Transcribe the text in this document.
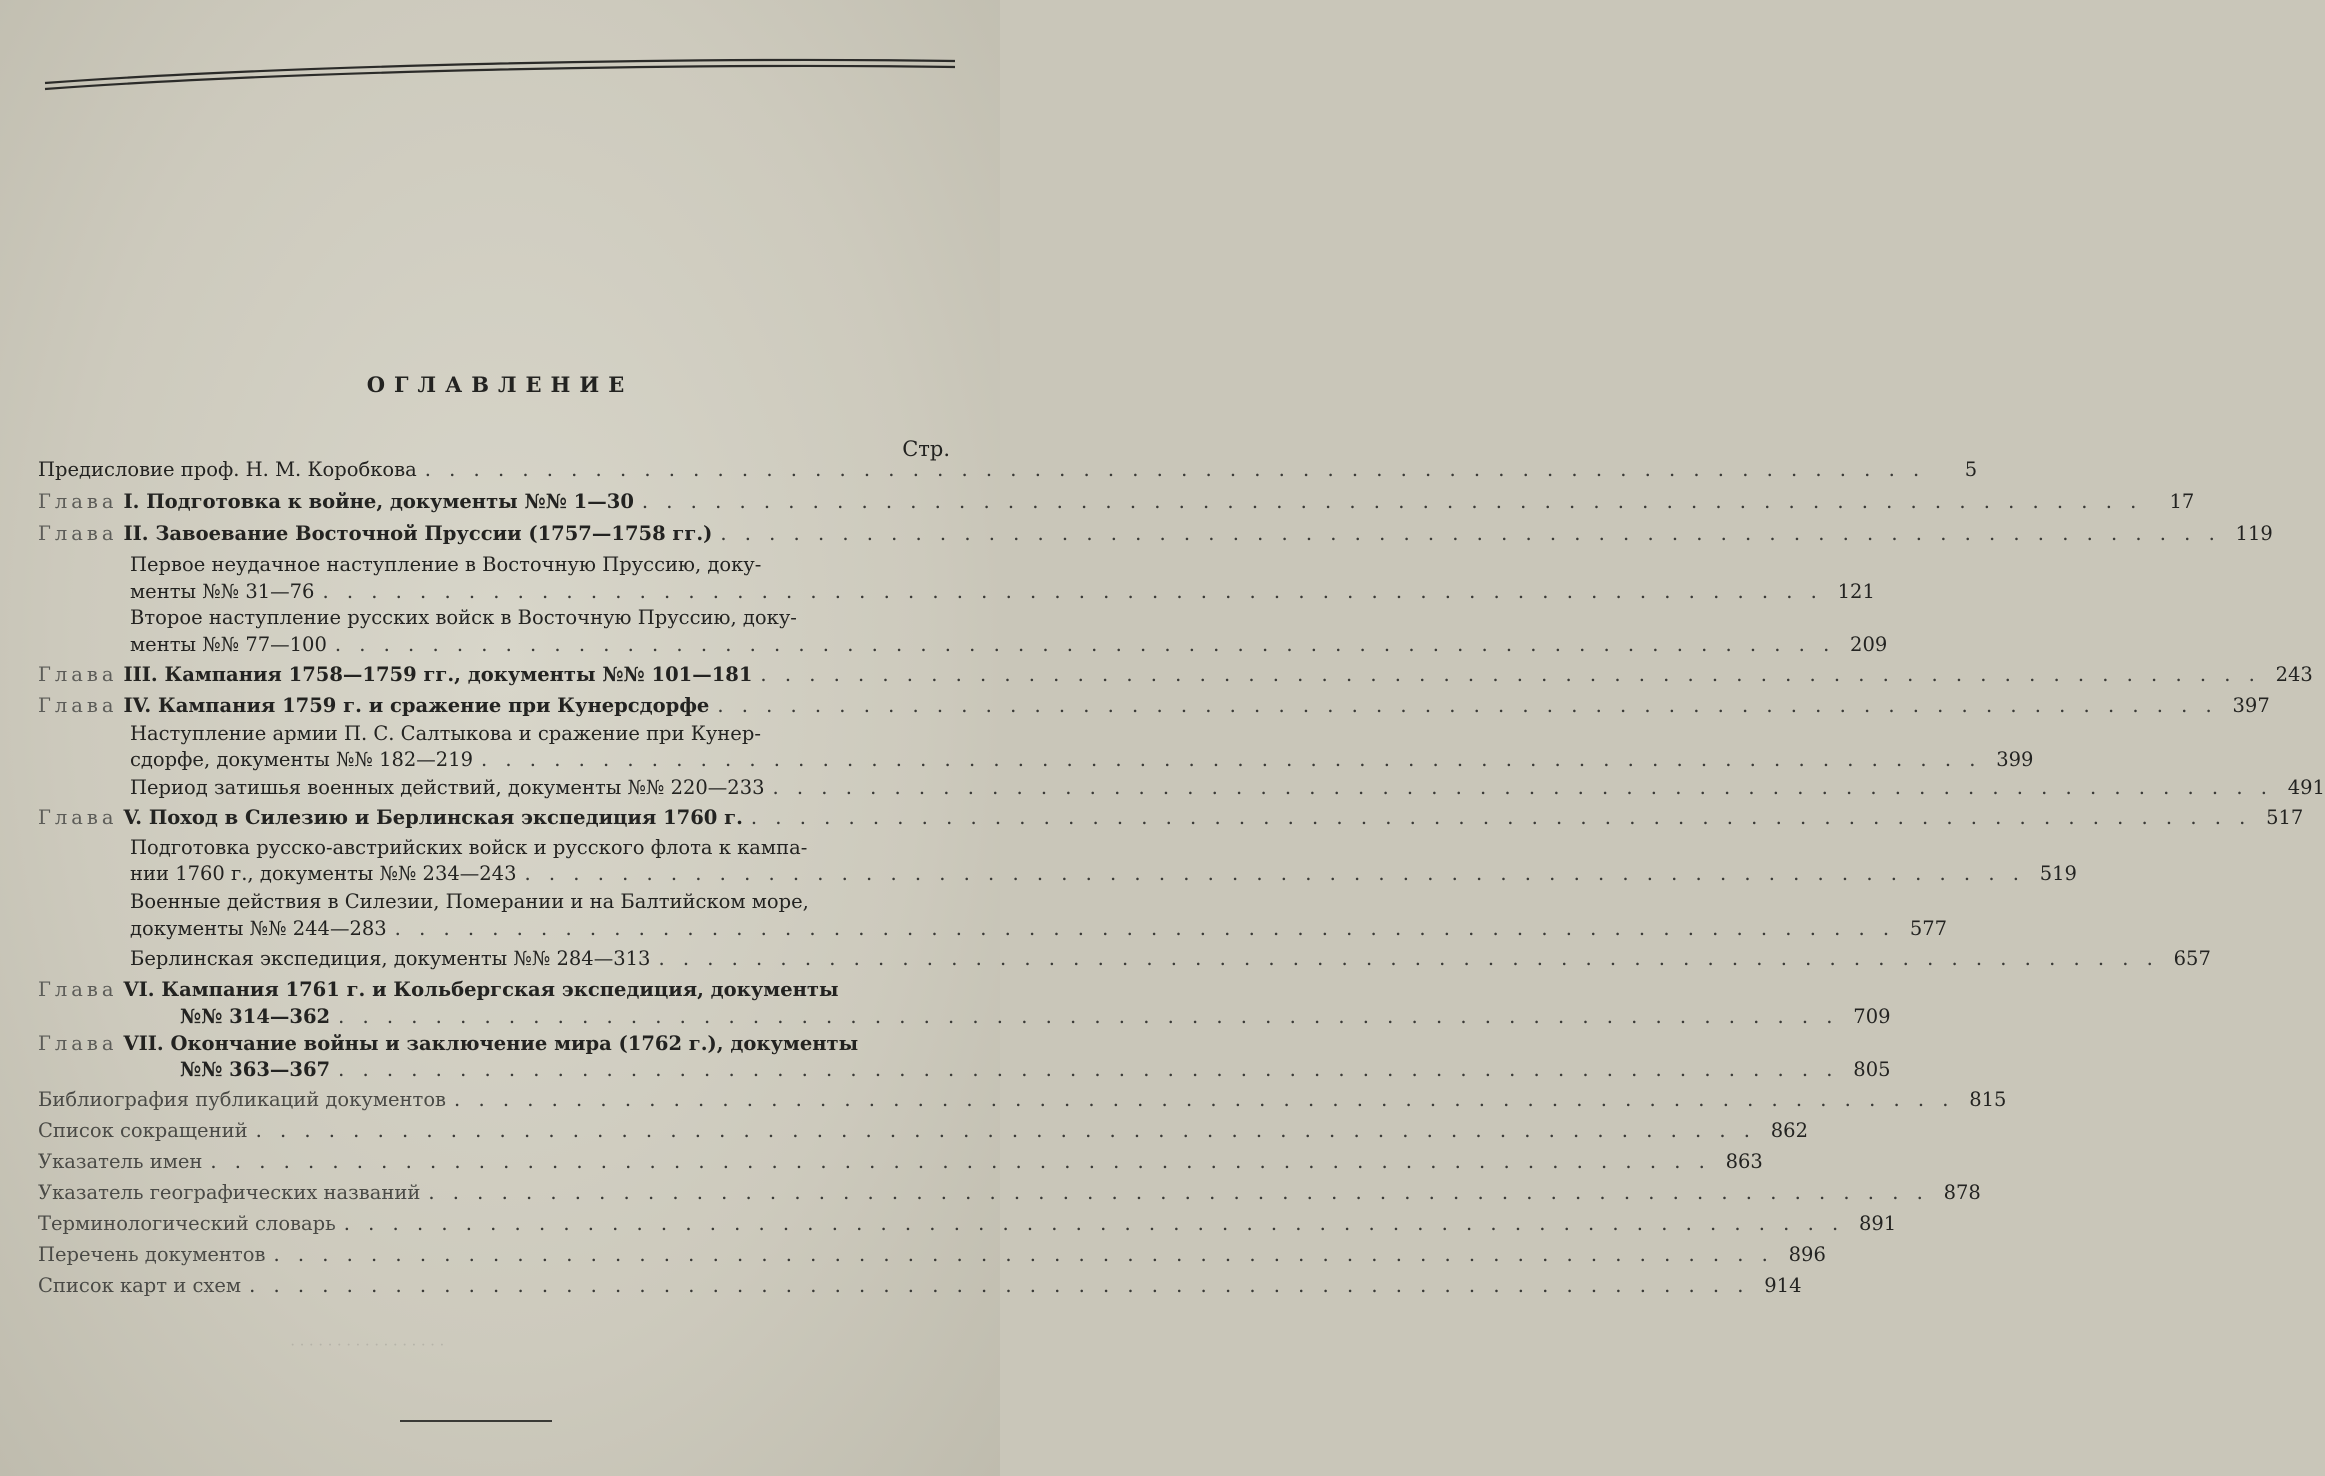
ОГЛАВЛЕНИЕ
Стр.
Предисловие проф. Н. М. Коробкова . . .	5
Глава I. Подготовка к войне, документы №№ 1—30 . . .	17
Глава II. Завоевание Восточной Пруссии (1757—1758 гг.) . . .	119
Первое неудачное наступление в Восточную Пруссию, доку-
менты №№ 31—76 . . .	121
Второе наступление русских войск в Восточную Пруссию, доку-
менты №№ 77—100 . . .	209
Глава III. Кампания 1758—1759 гг., документы №№ 101—181 . . .	243
Глава IV. Кампания 1759 г. и сражение при Кунерсдорфе . . .	397
Наступление армии П. С. Салтыкова и сражение при Кунер-
сдорфе, документы №№ 182—219 . . .	399
Период затишья военных действий, документы №№ 220—233 . . .	491
Глава V. Поход в Силезию и Берлинская экспедиция 1760 г. . . .	517
Подготовка русско-австрийских войск и русского флота к кампа-
нии 1760 г., документы №№ 234—243 . . .	519
Военные действия в Силезии, Померании и на Балтийском море,
документы №№ 244—283 . . .	577
Берлинская экспедиция, документы №№ 284—313 . . .	657
Глава VI. Кампания 1761 г. и Кольбергская экспедиция, документы
№№ 314—362 . . .	709
Глава VII. Окончание войны и заключение мира (1762 г.), документы
№№ 363—367 . . .	805
Библиография публикаций документов . . .	815
Список сокращений . . .	862
Указатель имен . . .	863
Указатель географических названий . . .	878
Терминологический словарь . . .	891
Перечень документов . . .	896
Список карт и схем . . .	914
· · · · · · · · · · · · · · · · ·
